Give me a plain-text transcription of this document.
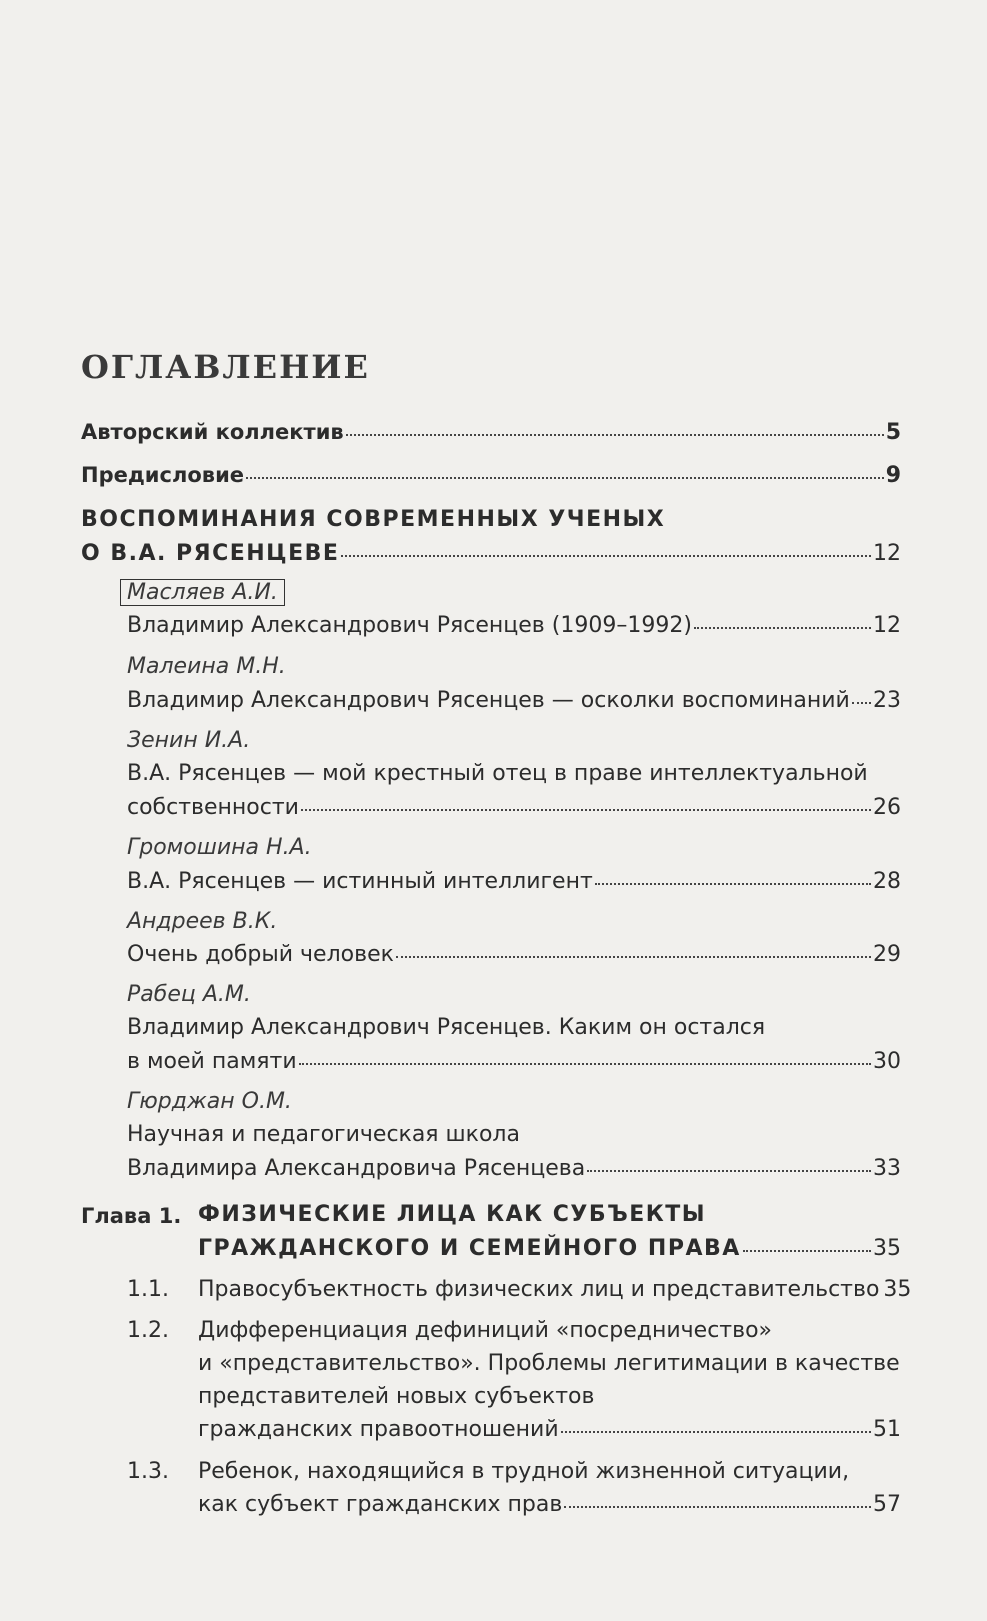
ОГЛАВЛЕНИЕ
Авторский коллектив	5
Предисловие	9
ВОСПОМИНАНИЯ СОВРЕМЕННЫХ УЧЕНЫХ
О В.А. РЯСЕНЦЕВЕ	12
Масляев А.И.
Владимир Александрович Рясенцев (1909–1992)	12
Малеина М.Н.
Владимир Александрович Рясенцев — осколки воспоминаний 23
Зенин И.А.
В.А. Рясенцев — мой крестный отец в праве интеллектуальной
собственности	26
Громошина Н.А.
В.А. Рясенцев — истинный интеллигент	28
Андреев В.К.
Очень добрый человек	29
Рабец А.М.
Владимир Александрович Рясенцев. Каким он остался
в моей памяти	30
Гюрджан О.М.
Научная и педагогическая школа
Владимира Александровича Рясенцева	33
Глава 1. ФИЗИЧЕСКИЕ ЛИЦА КАК СУБЪЕКТЫ
ГРАЖДАНСКОГО И СЕМЕЙНОГО ПРАВА	35
1.1. Правосубъектность физических лиц и представительство 35
1.2. Дифференциация дефиниций «посредничество»
и «представительство». Проблемы легитимации в качестве
представителей новых субъектов
гражданских правоотношений	51
1.3. Ребенок, находящийся в трудной жизненной ситуации,
как субъект гражданских прав	57
